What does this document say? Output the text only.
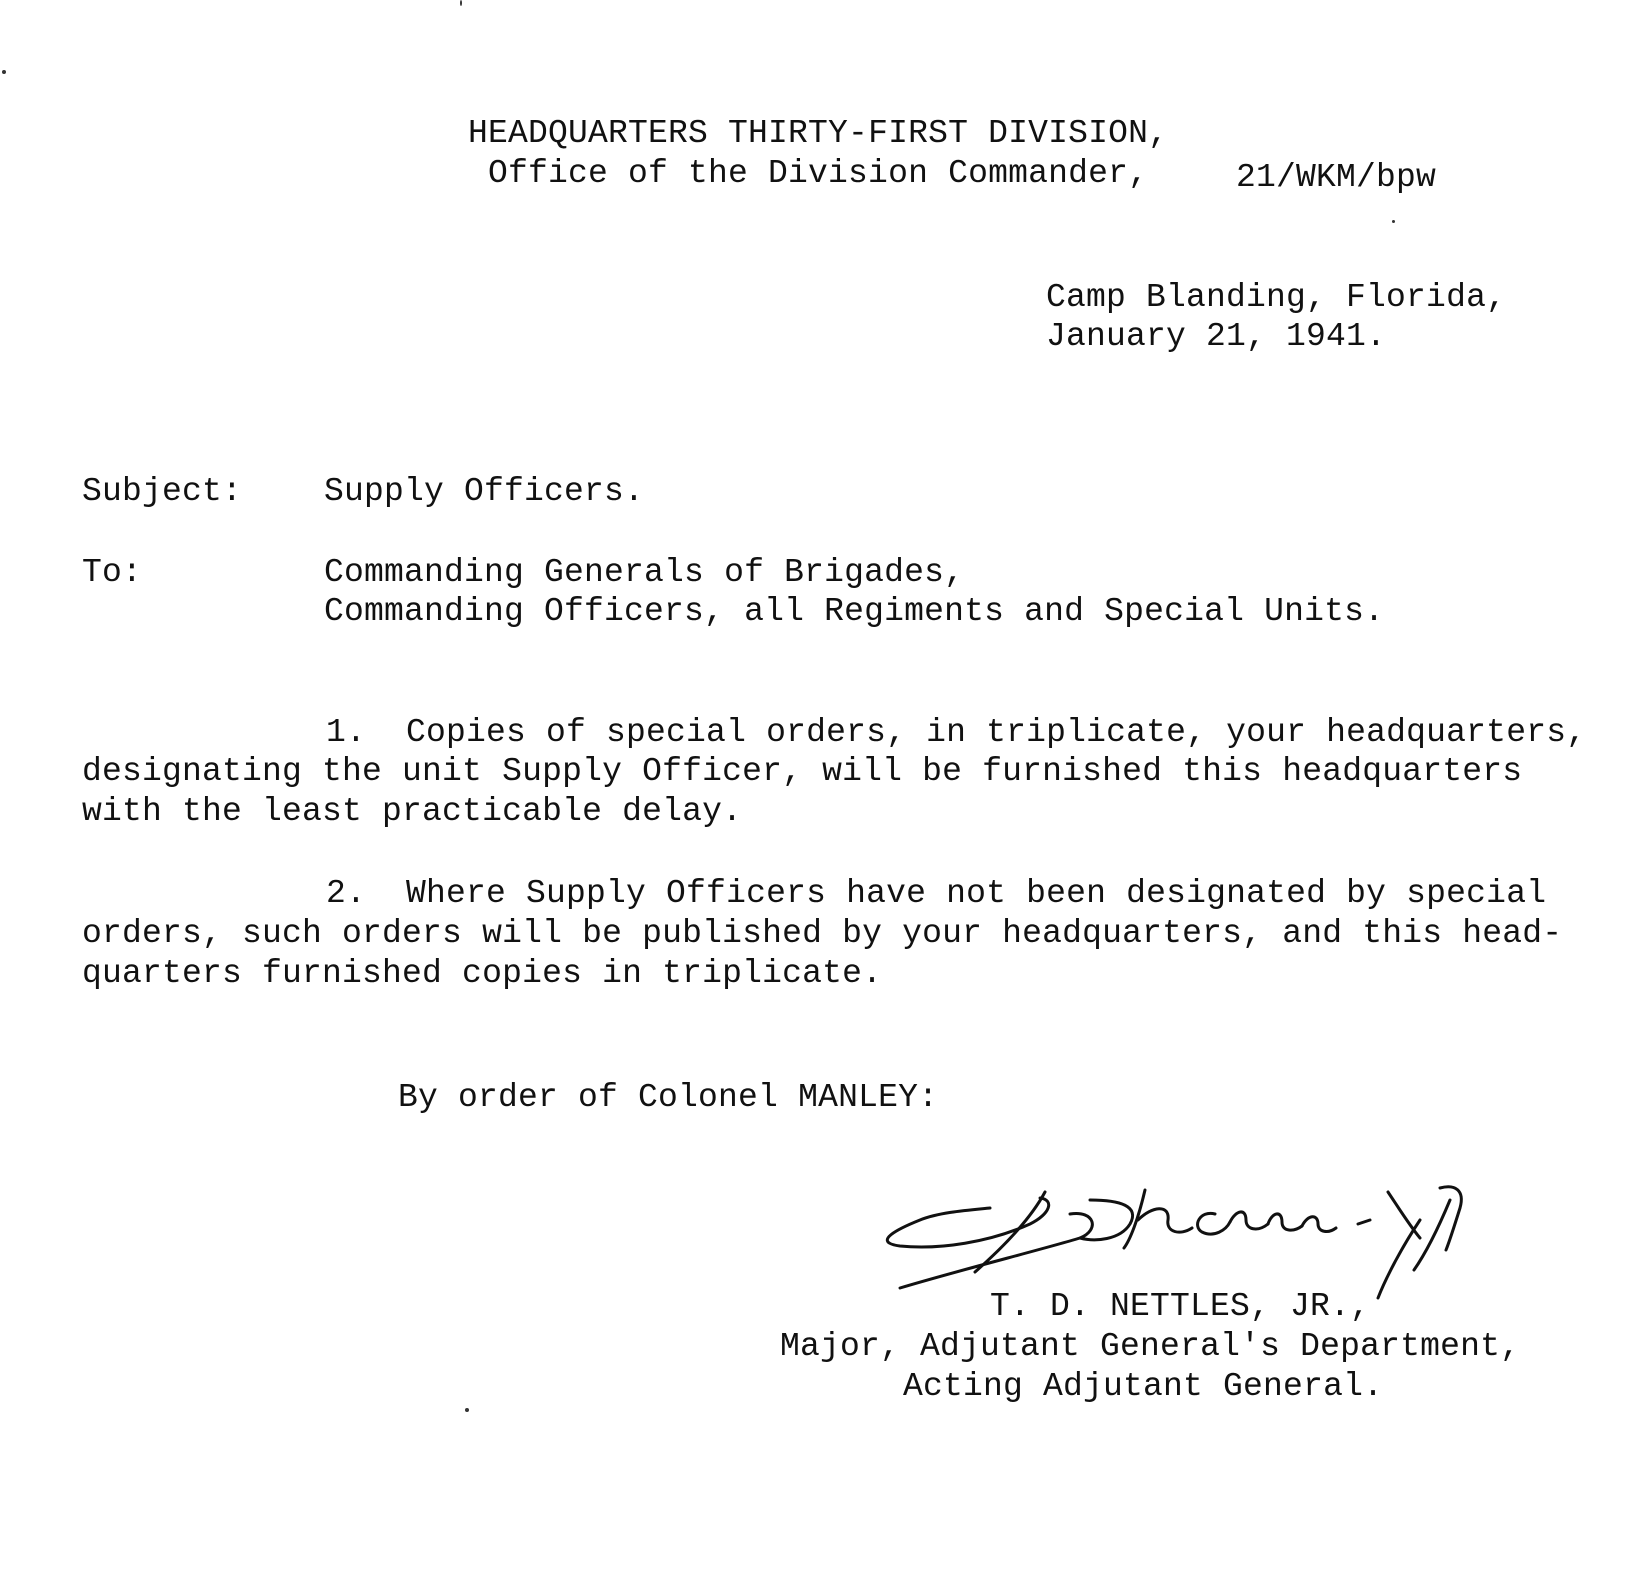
HEADQUARTERS THIRTY-FIRST DIVISION,
Office of the Division Commander,	21/WKM/bpw
Camp Blanding, Florida,
January 21, 1941.
Subject: Supply Officers.
To:	Commanding Generals of Brigades,
Commanding Officers, all Regiments and Special Units.
1.  Copies of special orders, in triplicate, your headquarters,
designating the unit Supply Officer, will be furnished this headquarters
with the least practicable delay.
2.  Where Supply Officers have not been designated by special
orders, such orders will be published by your headquarters, and this head-
quarters furnished copies in triplicate.
By order of Colonel MANLEY:
T. D. NETTLES, JR.,
Major, Adjutant General's Department,
Acting Adjutant General.
